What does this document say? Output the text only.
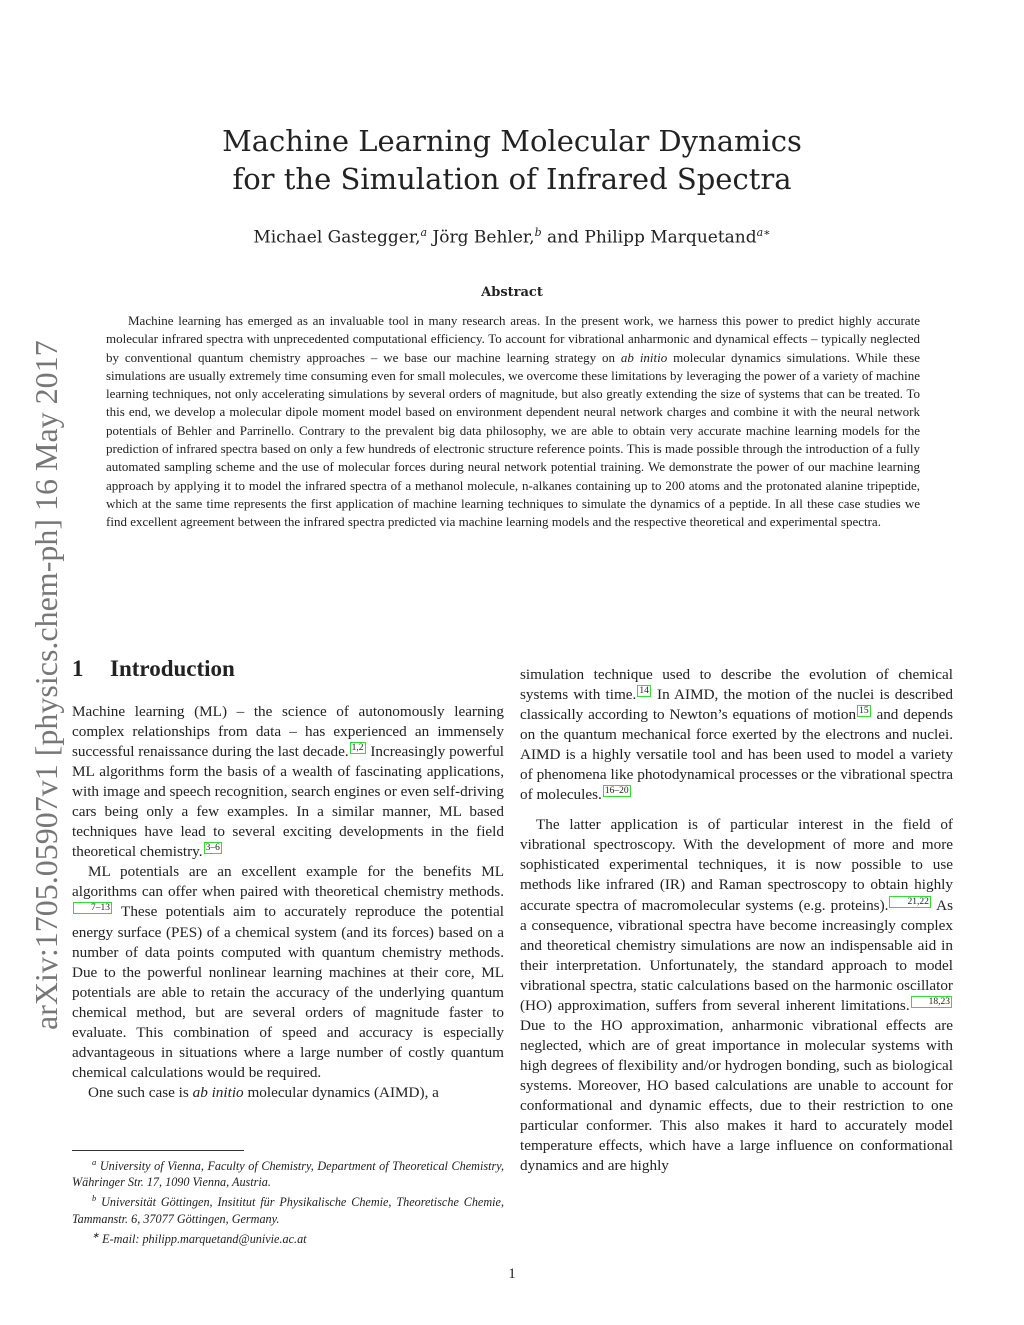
Machine Learning Molecular Dynamics
for the Simulation of Infrared Spectra
Michael Gastegger,$^a$ Jörg Behler,$^b$ and Philipp Marquetand$^{a∗}$
Abstract
Machine learning has emerged as an invaluable tool in many research areas. In the present work, we harness this power to predict highly accurate molecular infrared spectra with unprecedented computational efficiency. To account for vibrational anharmonic and dynamical effects – typically neglected by conventional quantum chemistry approaches – we base our machine learning strategy on ab initio molecular dynamics simulations. While these simulations are usually extremely time consuming even for small molecules, we overcome these limitations by leveraging the power of a variety of machine learning techniques, not only accelerating simulations by several orders of magnitude, but also greatly extending the size of systems that can be treated. To this end, we develop a molecular dipole moment model based on environment dependent neural network charges and combine it with the neural network potentials of Behler and Parrinello. Contrary to the prevalent big data philosophy, we are able to obtain very accurate machine learning models for the prediction of infrared spectra based on only a few hundreds of electronic structure reference points. This is made possible through the introduction of a fully automated sampling scheme and the use of molecular forces during neural network potential training. We demonstrate the power of our machine learning approach by applying it to model the infrared spectra of a methanol molecule, n-alkanes containing up to 200 atoms and the protonated alanine tripeptide, which at the same time represents the first application of machine learning techniques to simulate the dynamics of a peptide. In all these case studies we find excellent agreement between the infrared spectra predicted via machine learning models and the respective theoretical and experimental spectra.
arXiv:1705.05907v1 [physics.chem-ph] 16 May 2017 1 Introduction

Machine learning (ML) – the science of autonomously learning complex relationships from data – has experienced an immensely successful renaissance during the last decade. 1,2 Increasingly powerful ML algorithms form the basis of a wealth of fascinating applications, with image and speech recognition, search engines or even self-driving cars being only a few examples. In a similar manner, ML based techniques have lead to several exciting developments in the field theoretical chemistry. 3–6

ML potentials are an excellent example for the benefits ML algorithms can offer when paired with theoretical chemistry methods.7–13 These potentials aim to accurately reproduce the potential energy surface (PES) of a chemical system (and its forces) based on a number of data points computed with quantum chemistry methods. Due to the powerful nonlinear learning machines at their core, ML potentials are able to retain the accuracy of the underlying quantum chemical method, but are several orders of magnitude faster to evaluate. This combination of speed and accuracy is especially advantageous in situations where a large number of costly quantum chemical calculations would be required.

One such case is ab initio molecular dynamics (AIMD), a

$^a$ University of Vienna, Faculty of Chemistry, Department of Theoretical Chemistry, Währinger Str. 17, 1090 Vienna, Austria.

$^b$ Universität Göttingen, Insititut für Physikalische Chemie, Theoretische Chemie, Tammanstr. 6, 37077 Göttingen, Germany.

∗ E-mail: philipp.marquetand@univie.ac.at

simulation technique used to describe the evolution of chemical systems with time. 14 In AIMD, the motion of the nuclei is described classically according to Newton’s equations of motion 15 and depends on the quantum mechanical force exerted by the electrons and nuclei. AIMD is a highly versatile tool and has been used to model a variety of phenomena like photodynamical processes or the vibrational spectra of molecules. 16–20

The latter application is of particular interest in the field of vibrational spectroscopy. With the development of more and more sophisticated experimental techniques, it is now possible to use methods like infrared (IR) and Raman spectroscopy to obtain highly accurate spectra of macromolecular systems (e.g. proteins). 21,22 As a consequence, vibrational spectra have become increasingly complex and theoretical chemistry simulations are now an indispensable aid in their interpretation. Unfortunately, the standard approach to model vibrational spectra, static calculations based on the harmonic oscillator (HO) approximation, suffers from several inherent limitations. 18,23 Due to the HO approximation, anharmonic vibrational effects are neglected, which are of great importance in molecular systems with high degrees of flexibility and/or hydrogen bonding, such as biological systems. Moreover, HO based calculations are unable to account for conformational and dynamic effects, due to their restriction to one particular conformer. This also makes it hard to accurately model temperature effects, which have a large influence on conformational dynamics and are highly

1
